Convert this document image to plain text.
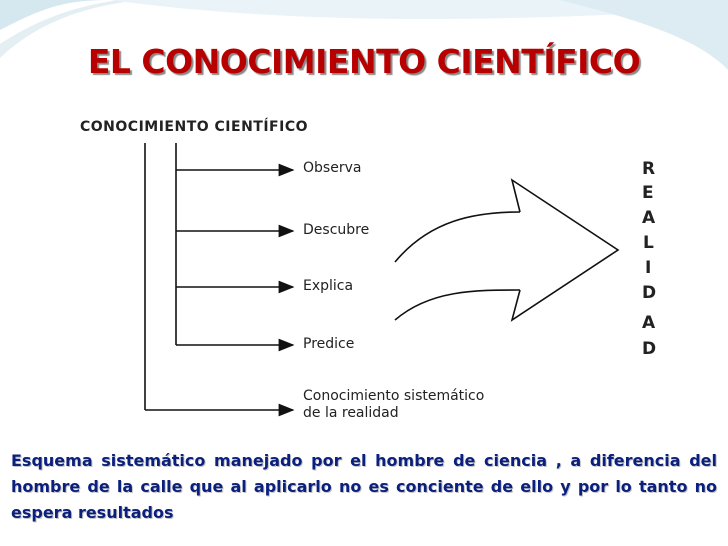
EL CONOCIMIENTO CIENTÍFICO
CONOCIMIENTO CIENTÍFICO
Observa
Descubre
Explica
Predice
Conocimiento sistemático
de la realidad
R
E
A
L
I
D
A
D
Esquema sistemático manejado por el hombre de ciencia , a diferencia del hombre de la calle que al aplicarlo no es conciente de ello y por lo tanto no espera resultados
